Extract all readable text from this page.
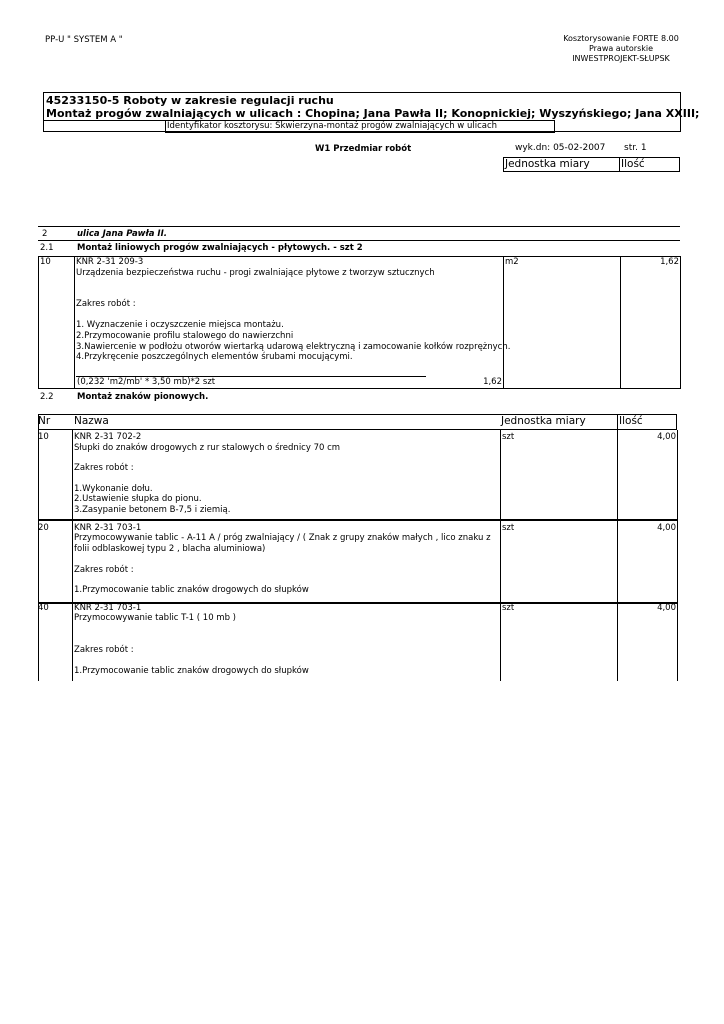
PP-U " SYSTEM A "	Kosztorysowanie FORTE 8.00
Prawa autorskie
INWESTPROJEKT-SŁUPSK
45233150-5 Roboty w zakresie regulacji ruchu
Montaż progów zwalniających w ulicach : Chopina; Jana Pawła II; Konopnickiej; Wyszyńskiego; Jana XXIII;
Identyfikator kosztorysu: Skwierzyna-montaż progów zwalniających w ulicach
W1 Przedmiar robót	wyk.dn: 05-02-2007 str. 1
Jednostka miary	Ilość
2	ulica Jana Pawła II.
2.1	Montaż liniowych progów zwalniających - płytowych. - szt 2
10	KNR 2-31 209-3
Urządzenia bezpieczeństwa ruchu - progi zwalniające płytowe z tworzyw sztucznych
Zakres robót :
1. Wyznaczenie i oczyszczenie miejsca montażu.
2.Przymocowanie profilu stalowego do nawierzchni
3.Nawiercenie w podłożu otworów wiertarką udarową elektryczną i zamocowanie kołków rozprężnych.
4.Przykręcenie poszczególnych elementów śrubami mocującymi.
(0,232 'm2/mb' * 3,50 mb)*2 szt	1,62
m2	1,62
2.2	Montaż znaków pionowych.
Nr Nazwa	Jednostka miary	Ilość
10	KNR 2-31 702-2
Słupki do znaków drogowych z rur stalowych o średnicy 70 cm
Zakres robót :
1.Wykonanie dołu.
2.Ustawienie słupka do pionu.
3.Zasypanie betonem B-7,5 i ziemią.
szt	4,00
20	KNR 2-31 703-1
Przymocowywanie tablic - A-11 A / próg zwalniający / ( Znak z grupy znaków małych , lico znaku z
folii odblaskowej typu 2 , blacha aluminiowa)
Zakres robót :
1.Przymocowanie tablic znaków drogowych do słupków
szt	4,00
40	KNR 2-31 703-1
Przymocowywanie tablic T-1 ( 10 mb )
Zakres robót :
1.Przymocowanie tablic znaków drogowych do słupków
szt	4,00
